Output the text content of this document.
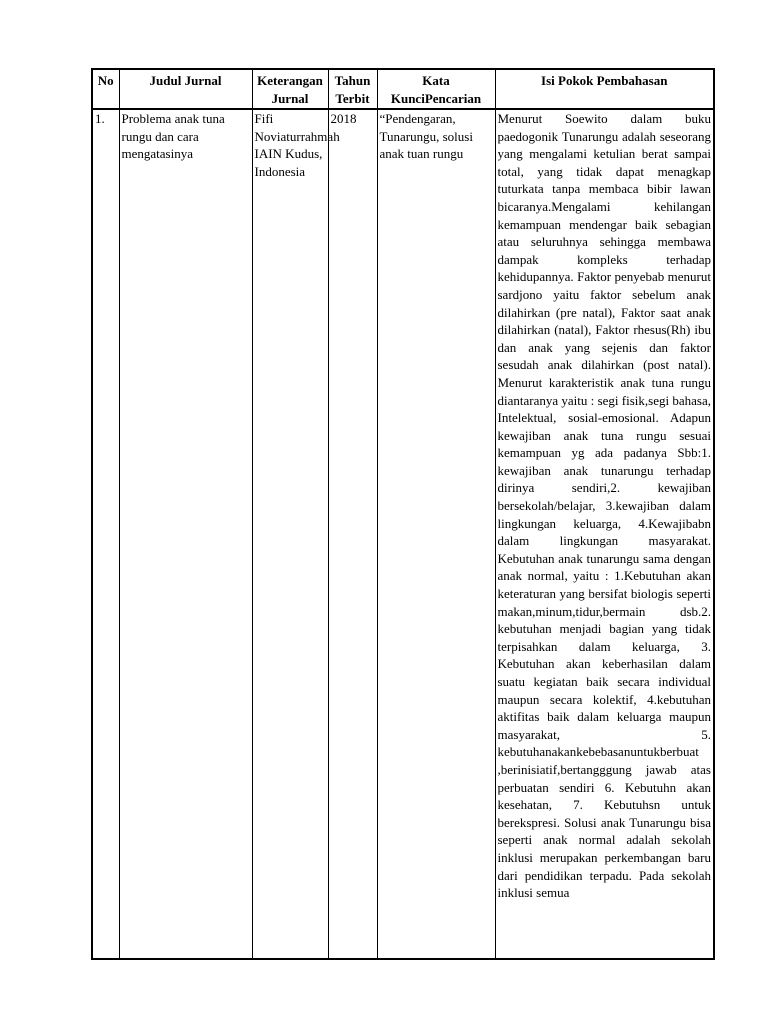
No	Judul Jurnal	Keterangan Jurnal	Tahun Terbit	Kata KunciPencarian	Isi Pokok Pembahasan
1.	Problema anak tuna rungu dan cara mengatasinya	Fifi Noviaturrahmah IAIN Kudus, Indonesia	2018	“Pendengaran, Tunarungu, solusi anak tuan rungu	Menurut Soewito dalam buku paedogonik Tunarungu adalah seseorang yang mengalami ketulian berat sampai total, yang tidak dapat menagkap tuturkata tanpa membaca bibir lawan bicaranya.Mengalami kehilangan kemampuan mendengar baik sebagian atau seluruhnya sehingga membawa dampak kompleks terhadap kehidupannya. Faktor penyebab menurut sardjono yaitu faktor sebelum anak dilahirkan (pre natal), Faktor saat anak dilahirkan (natal), Faktor rhesus(Rh) ibu dan anak yang sejenis dan faktor sesudah anak dilahirkan (post natal). Menurut karakteristik anak tuna rungu diantaranya yaitu : segi fisik,segi bahasa, Intelektual, sosial-emosional. Adapun kewajiban anak tuna rungu sesuai kemampuan yg ada padanya Sbb:1. kewajiban anak tunarungu terhadap dirinya sendiri,2. kewajiban bersekolah/belajar, 3.kewajiban dalam lingkungan keluarga, 4.Kewajibabn dalam lingkungan masyarakat. Kebutuhan anak tunarungu sama dengan anak normal, yaitu : 1.Kebutuhan akan keteraturan yang bersifat biologis seperti makan,minum,tidur,bermain dsb.2. kebutuhan menjadi bagian yang tidak terpisahkan dalam keluarga, 3. Kebutuhan akan keberhasilan dalam suatu kegiatan baik secara individual maupun secara kolektif, 4.kebutuhan aktifitas baik dalam keluarga maupun masyarakat, 5. kebutuhanakankebebasanuntukberbuat ,berinisiatif,bertangggung jawab atas perbuatan sendiri 6. Kebutuhn akan kesehatan, 7. Kebutuhsn untuk berekspresi. Solusi anak Tunarungu bisa seperti anak normal adalah sekolah inklusi merupakan perkembangan baru dari pendidikan terpadu. Pada sekolah inklusi semua
